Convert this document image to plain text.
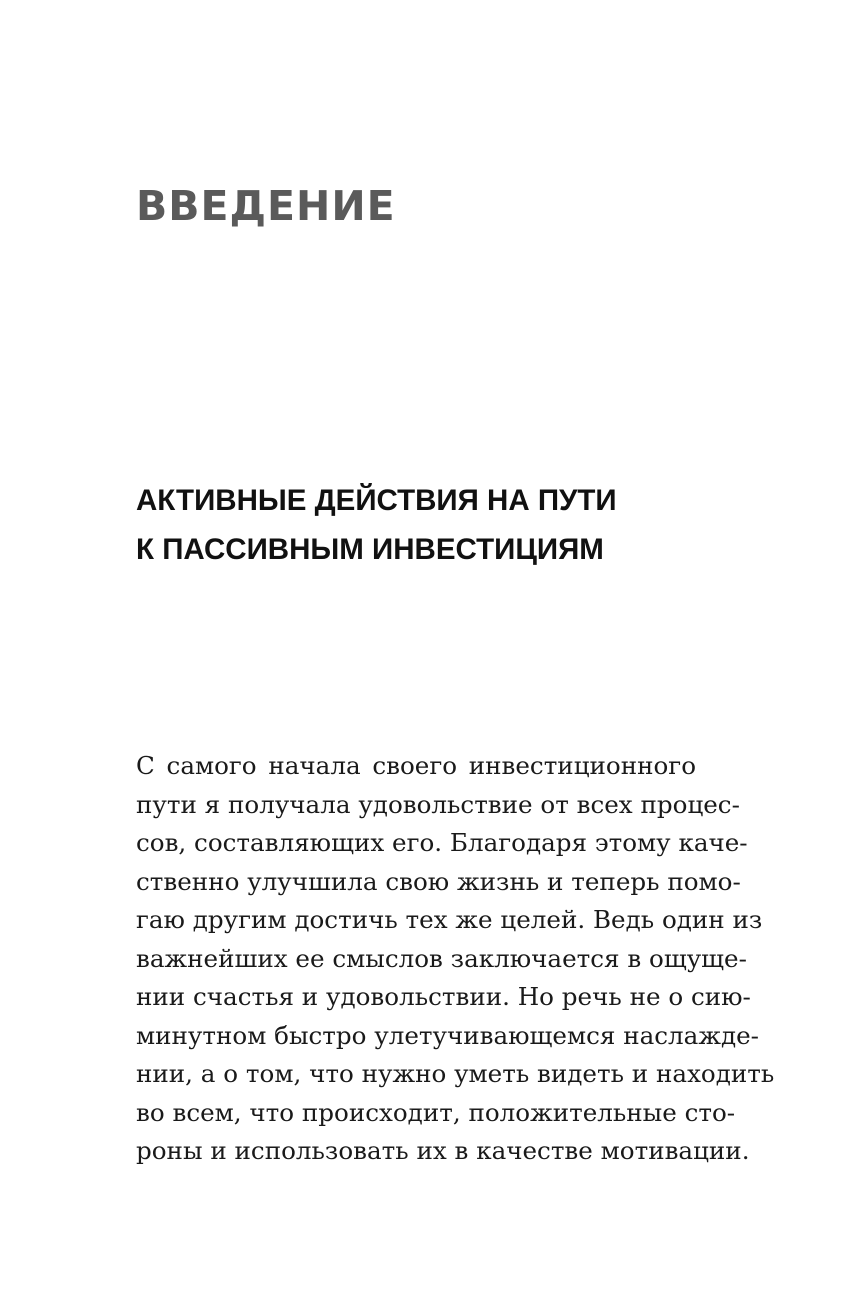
ВВЕДЕНИЕ
АКТИВНЫЕ ДЕЙСТВИЯ НА ПУТИ
К ПАССИВНЫМ ИНВЕСТИЦИЯМ
С самого начала своего инвестиционного
пути я получала удовольствие от всех процес-
сов, составляющих его. Благодаря этому каче-
ственно улучшила свою жизнь и теперь помо-
гаю другим достичь тех же целей. Ведь один из
важнейших ее смыслов заключается в ощуще-
нии счастья и удовольствии. Но речь не о сию-
минутном быстро улетучивающемся наслажде-
нии, а о том, что нужно уметь видеть и находить
во всем, что происходит, положительные сто-
роны и использовать их в качестве мотивации.
